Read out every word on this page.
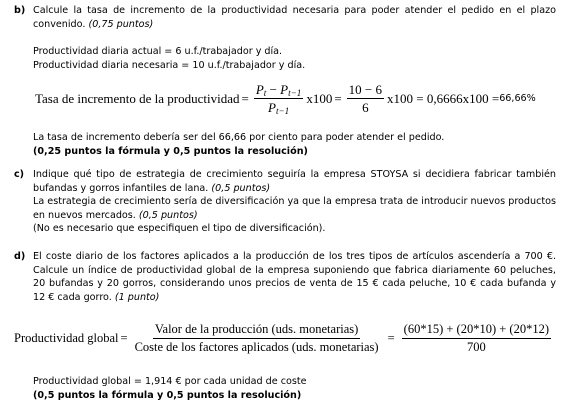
b) Calcule la tasa de incremento de la productividad necesaria para poder atender el pedido en el plazo convenido. (0,75 puntos)
Productividad diaria actual = 6 u.f./trabajador y día.
Productividad diaria necesaria = 10 u.f./trabajador y día.
Tasa de incremento de la productividad = $\frac{P_t - P_{t-1}}{P_{t-1}} x100 = \frac{10 - 6}{6} x100 = 0,6666x100 = 66,66\%$
La tasa de incremento debería ser del 66,66 por ciento para poder atender el pedido.
(0,25 puntos la fórmula y 0,5 puntos la resolución)
c) Indique qué tipo de estrategia de crecimiento seguiría la empresa STOYSA si decidiera fabricar también bufandas y gorros infantiles de lana. (0,5 puntos)

La estrategia de crecimiento sería de diversificación ya que la empresa trata de introducir nuevos productos en nuevos mercados. (0,5 puntos)

(No es necesario que especifiquen el tipo de diversificación).

d) El coste diario de los factores aplicados a la producción de los tres tipos de artículos ascendería a 700 €. Calcule un índice de productividad global de la empresa suponiendo que fabrica diariamente 60 peluches, 20 bufandas y 20 gorros, considerando unos precios de venta de 15 € cada peluche, 10 € cada bufanda y 12 € cada gorro. (1 punto)
Productividad global = $\frac{\text{Valor de la producción (uds. monetarias)}}{\text{Coste de los factores aplicados (uds. monetarias)}} = \frac{(60*15) + (20*10) + (20*12)}{700}$
Productividad global = 1,914 € por cada unidad de coste
(0,5 puntos la fórmula y 0,5 puntos la resolución)
